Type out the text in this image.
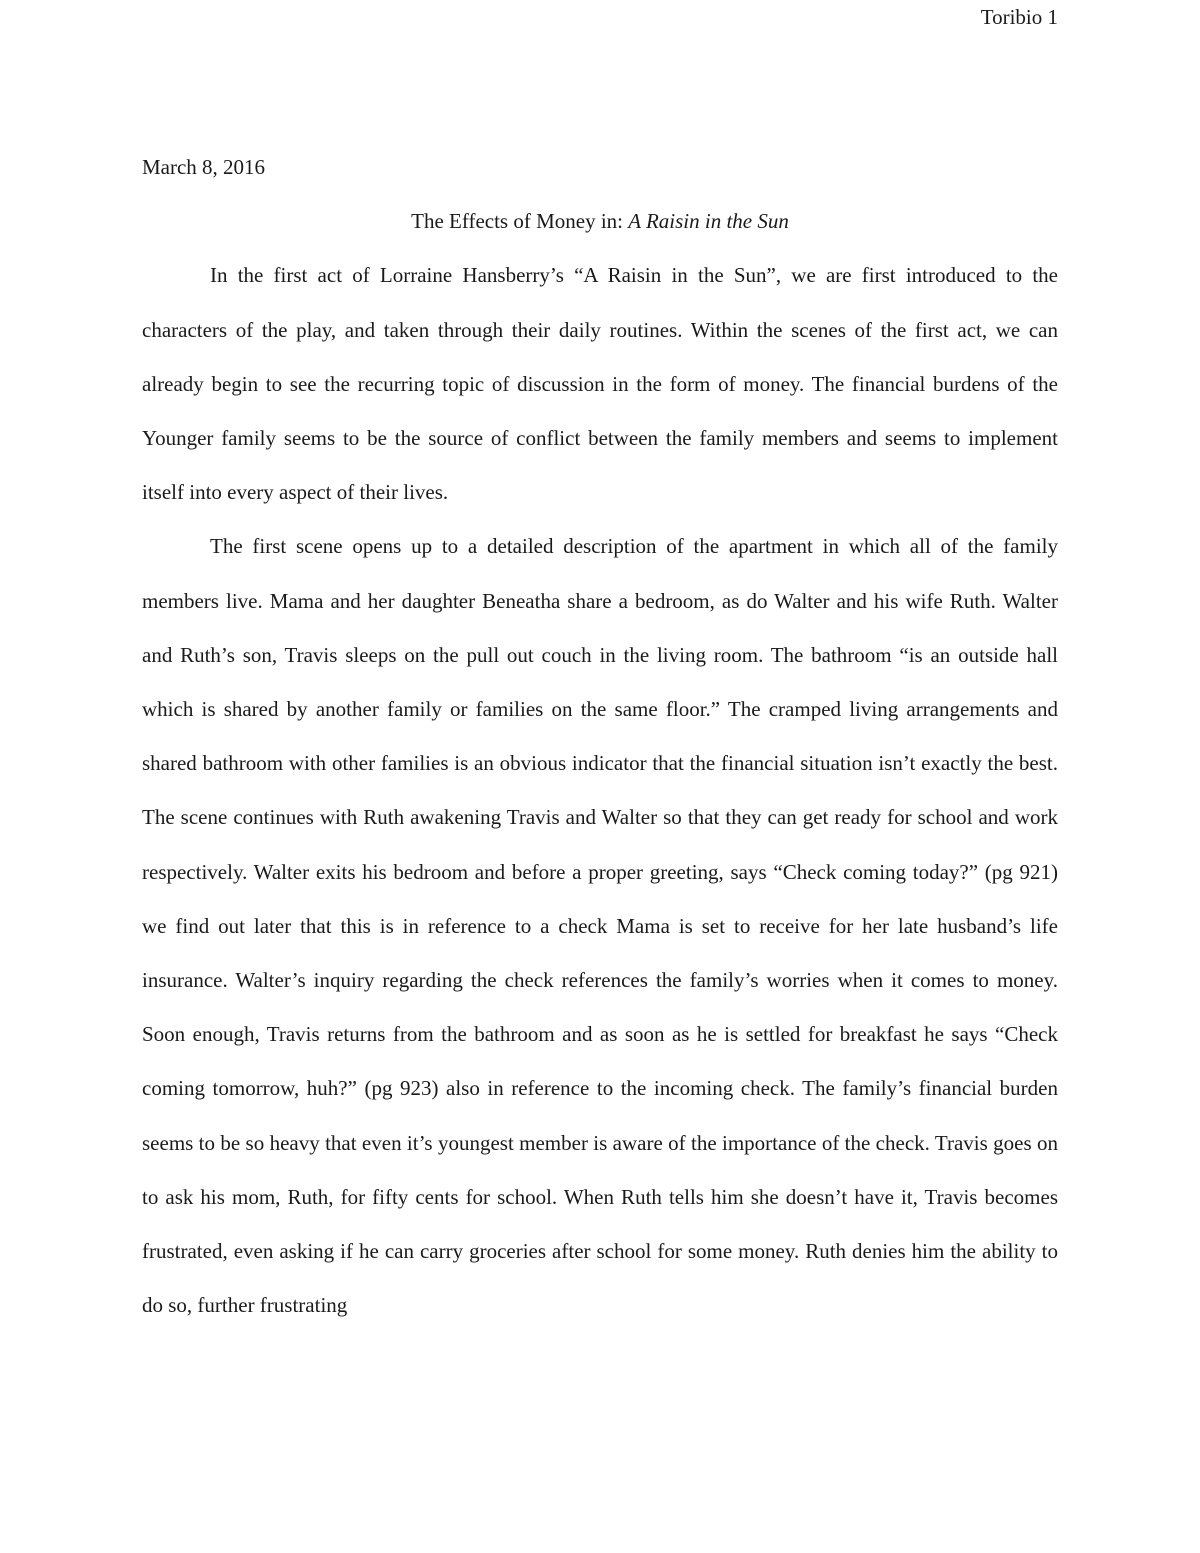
Toribio 1

March 8, 2016

The Effects of Money in: A Raisin in the Sun

In the first act of Lorraine Hansberry’s “A Raisin in the Sun”, we are first introduced to the characters of the play, and taken through their daily routines. Within the scenes of the first act, we can already begin to see the recurring topic of discussion in the form of money. The financial burdens of the Younger family seems to be the source of conflict between the family members and seems to implement itself into every aspect of their lives.

The first scene opens up to a detailed description of the apartment in which all of the family members live. Mama and her daughter Beneatha share a bedroom, as do Walter and his wife Ruth. Walter and Ruth’s son, Travis sleeps on the pull out couch in the living room. The bathroom “is an outside hall which is shared by another family or families on the same floor.” The cramped living arrangements and shared bathroom with other families is an obvious indicator that the financial situation isn’t exactly the best. The scene continues with Ruth awakening Travis and Walter so that they can get ready for school and work respectively. Walter exits his bedroom and before a proper greeting, says “Check coming today?” (pg 921) we find out later that this is in reference to a check Mama is set to receive for her late husband’s life insurance. Walter’s inquiry regarding the check references the family’s worries when it comes to money. Soon enough, Travis returns from the bathroom and as soon as he is settled for breakfast he says “Check coming tomorrow, huh?” (pg 923) also in reference to the incoming check. The family’s financial burden seems to be so heavy that even it’s youngest member is aware of the importance of the check. Travis goes on to ask his mom, Ruth, for fifty cents for school. When Ruth tells him she doesn’t have it, Travis becomes frustrated, even asking if he can carry groceries after school for some money. Ruth denies him the ability to do so, further frustrating
